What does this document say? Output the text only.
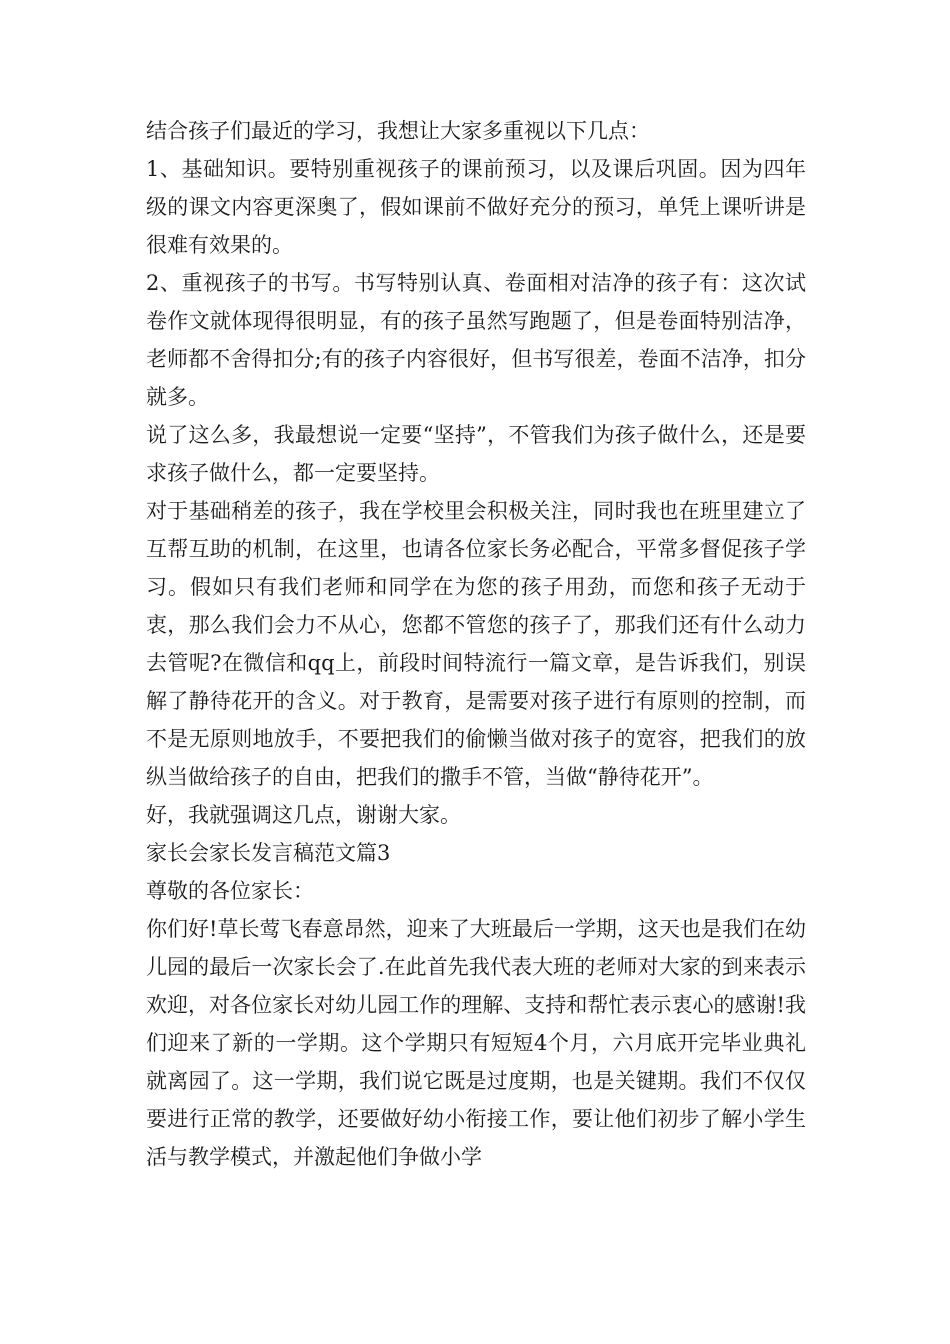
结合孩子们最近的学习，我想让大家多重视以下几点：

1、基础知识。要特别重视孩子的课前预习，以及课后巩固。因为四年级的课文内容更深奥了，假如课前不做好充分的预习，单凭上课听讲是很难有效果的。

2、重视孩子的书写。书写特别认真、卷面相对洁净的孩子有：这次试卷作文就体现得很明显，有的孩子虽然写跑题了，但是卷面特别洁净，老师都不舍得扣分;有的孩子内容很好，但书写很差，卷面不洁净，扣分就多。

说了这么多，我最想说一定要“坚持”，不管我们为孩子做什么，还是要求孩子做什么，都一定要坚持。

对于基础稍差的孩子，我在学校里会积极关注，同时我也在班里建立了互帮互助的机制，在这里，也请各位家长务必配合，平常多督促孩子学习。假如只有我们老师和同学在为您的孩子用劲，而您和孩子无动于衷，那么我们会力不从心，您都不管您的孩子了，那我们还有什么动力去管呢?在微信和qq上，前段时间特流行一篇文章，是告诉我们，别误解了静待花开的含义。对于教育，是需要对孩子进行有原则的控制，而不是无原则地放手，不要把我们的偷懒当做对孩子的宽容，把我们的放纵当做给孩子的自由，把我们的撒手不管，当做“静待花开”。

好，我就强调这几点，谢谢大家。

家长会家长发言稿范文篇3

尊敬的各位家长：

你们好!草长莺飞春意昂然，迎来了大班最后一学期，这天也是我们在幼儿园的最后一次家长会了.在此首先我代表大班的老师对大家的到来表示欢迎，对各位家长对幼儿园工作的理解、支持和帮忙表示衷心的感谢!我们迎来了新的一学期。这个学期只有短短4个月，六月底开完毕业典礼就离园了。这一学期，我们说它既是过度期，也是关键期。我们不仅仅要进行正常的教学，还要做好幼小衔接工作，要让他们初步了解小学生活与教学模式，并激起他们争做小学
